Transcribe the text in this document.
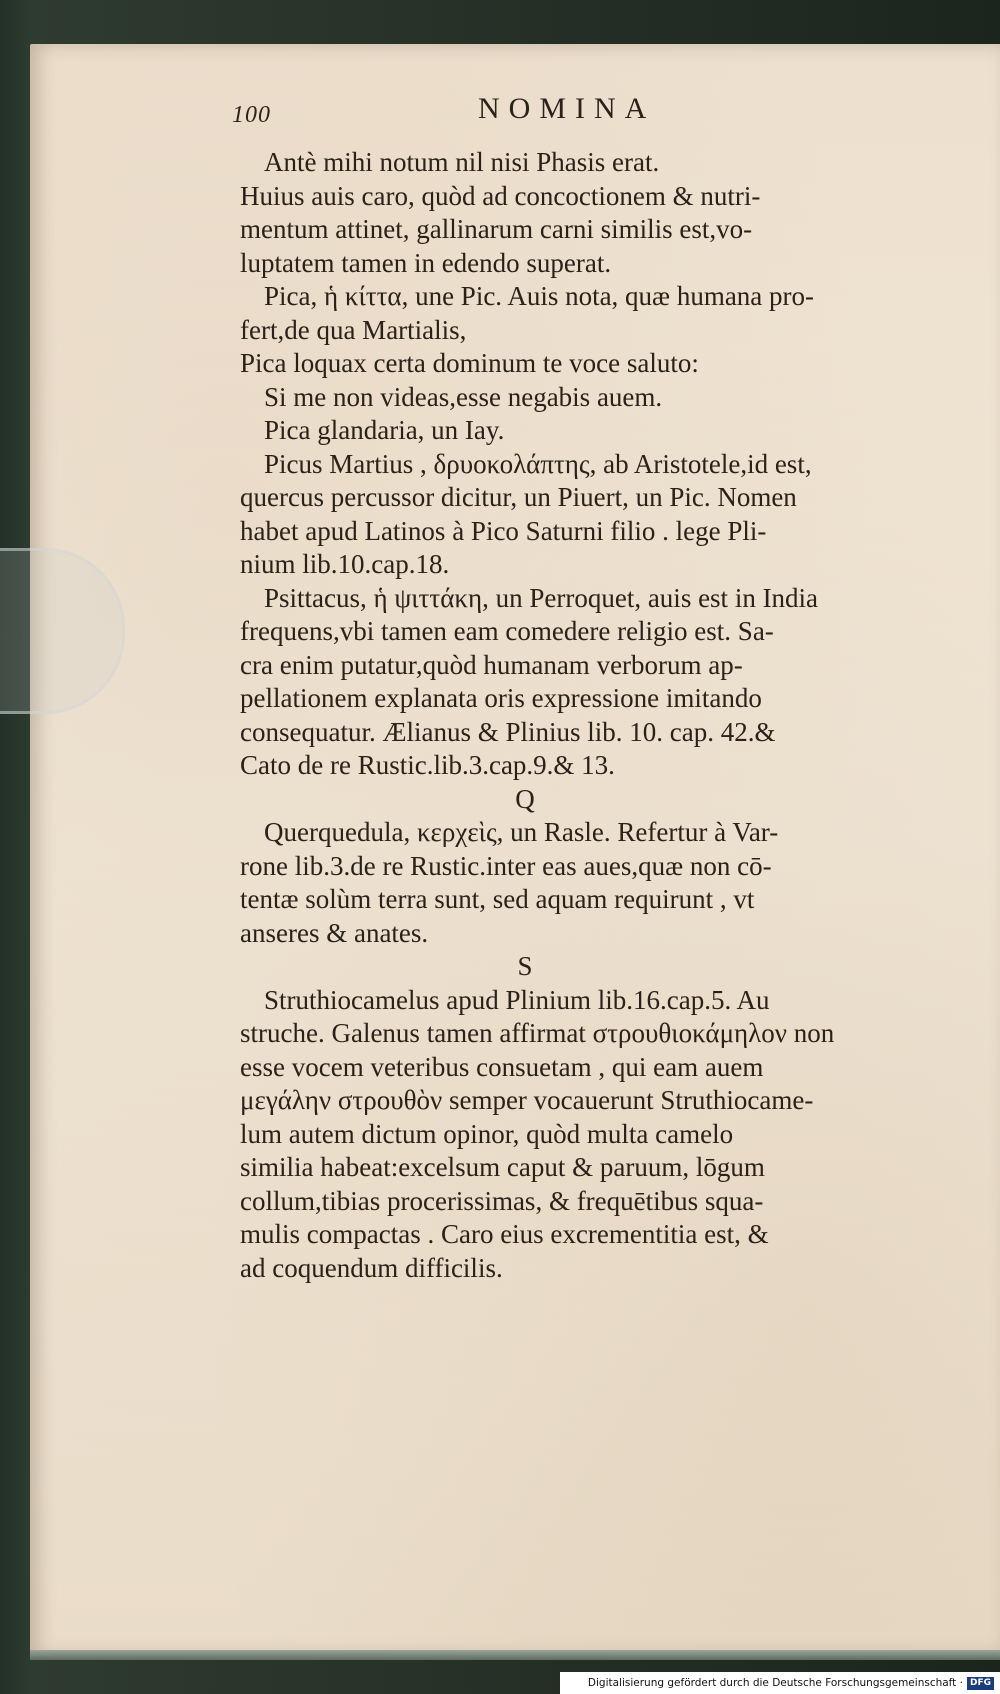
100	NOMINA
Antè mihi notum nil nisi Phasis erat.
Huius auis caro, quòd ad concoctionem & nutri-
mentum attinet, gallinarum carni similis est,vo-
luptatem tamen in edendo superat.
Pica, ἡ κίττα, une Pic. Auis nota, quæ humana pro-
fert,de qua Martialis,
Pica loquax certa dominum te voce saluto:
Si me non videas,esse negabis auem.
Pica glandaria, un Iay.
Picus Martius , δρυοκολάπτης, ab Aristotele,id est,
quercus percussor dicitur, un Piuert, un Pic. Nomen
habet apud Latinos à Pico Saturni filio . lege Pli-
nium lib.10.cap.18.
Psittacus, ἡ ψιττάκη, un Perroquet, auis est in India
frequens,vbi tamen eam comedere religio est. Sa-
cra enim putatur,quòd humanam verborum ap-
pellationem explanata oris expressione imitando
consequatur. Ælianus & Plinius lib. 10. cap. 42.&
Cato de re Rustic.lib.3.cap.9.& 13.
Q
Querquedula, κερχεὶς, un Rasle. Refertur à Var-
rone lib.3.de re Rustic.inter eas aues,quæ non cō-
tentæ solùm terra sunt, sed aquam requirunt , vt
anseres & anates.
S
Struthiocamelus apud Plinium lib.16.cap.5. Au
struche. Galenus tamen affirmat στρουθιοκάμηλον non
esse vocem veteribus consuetam , qui eam auem
μεγάλην στρουθὸν semper vocauerunt Struthiocame-
lum autem dictum opinor, quòd multa camelo
similia habeat:excelsum caput & paruum, lōgum
collum,tibias procerissimas, & frequētibus squa-
mulis compactas . Caro eius excrementitia est, &
ad coquendum difficilis.
Digitalisierung gefördert durch die Deutsche Forschungsgemeinschaft · DFG
